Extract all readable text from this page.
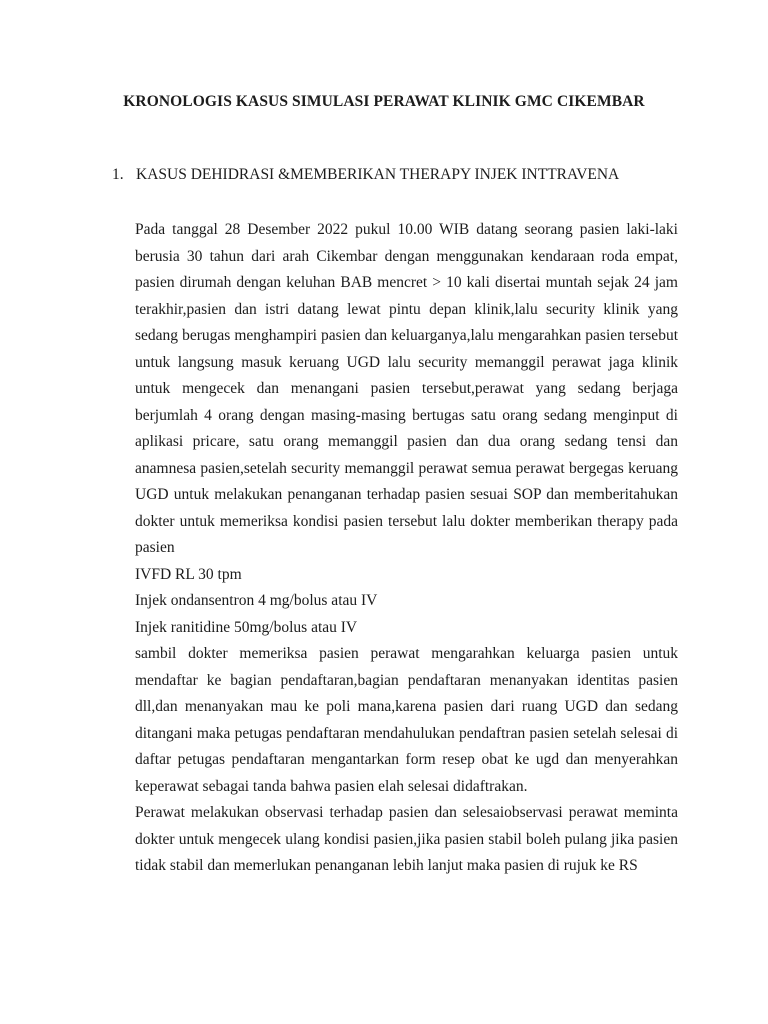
KRONOLOGIS KASUS SIMULASI PERAWAT KLINIK GMC CIKEMBAR
1. KASUS DEHIDRASI &MEMBERIKAN THERAPY INJEK INTTRAVENA

Pada tanggal 28 Desember 2022 pukul 10.00 WIB datang seorang pasien laki-laki berusia 30 tahun dari arah Cikembar dengan menggunakan kendaraan roda empat, pasien dirumah dengan keluhan BAB mencret > 10 kali disertai muntah sejak 24 jam terakhir,pasien dan istri datang lewat pintu depan klinik,lalu security klinik yang sedang berugas menghampiri pasien dan keluarganya,lalu mengarahkan pasien tersebut untuk langsung masuk keruang UGD lalu security memanggil perawat jaga klinik untuk mengecek dan menangani pasien tersebut,perawat yang sedang berjaga berjumlah 4 orang dengan masing-masing bertugas satu orang sedang menginput di aplikasi pricare, satu orang memanggil pasien dan dua orang sedang tensi dan anamnesa pasien,setelah security memanggil perawat semua perawat bergegas keruang UGD untuk melakukan penanganan terhadap pasien sesuai SOP dan memberitahukan dokter untuk memeriksa kondisi pasien tersebut lalu dokter memberikan therapy pada pasien

IVFD RL 30 tpm

Injek ondansentron 4 mg/bolus atau IV

Injek ranitidine 50mg/bolus atau IV

sambil dokter memeriksa pasien perawat mengarahkan keluarga pasien untuk mendaftar ke bagian pendaftaran,bagian pendaftaran menanyakan identitas pasien dll,dan menanyakan mau ke poli mana,karena pasien dari ruang UGD dan sedang ditangani maka petugas pendaftaran mendahulukan pendaftran pasien setelah selesai di daftar petugas pendaftaran mengantarkan form resep obat ke ugd dan menyerahkan keperawat sebagai tanda bahwa pasien elah selesai didaftrakan.

Perawat melakukan observasi terhadap pasien dan selesaiobservasi perawat meminta dokter untuk mengecek ulang kondisi pasien,jika pasien stabil boleh pulang jika pasien tidak stabil dan memerlukan penanganan lebih lanjut maka pasien di rujuk ke RS
